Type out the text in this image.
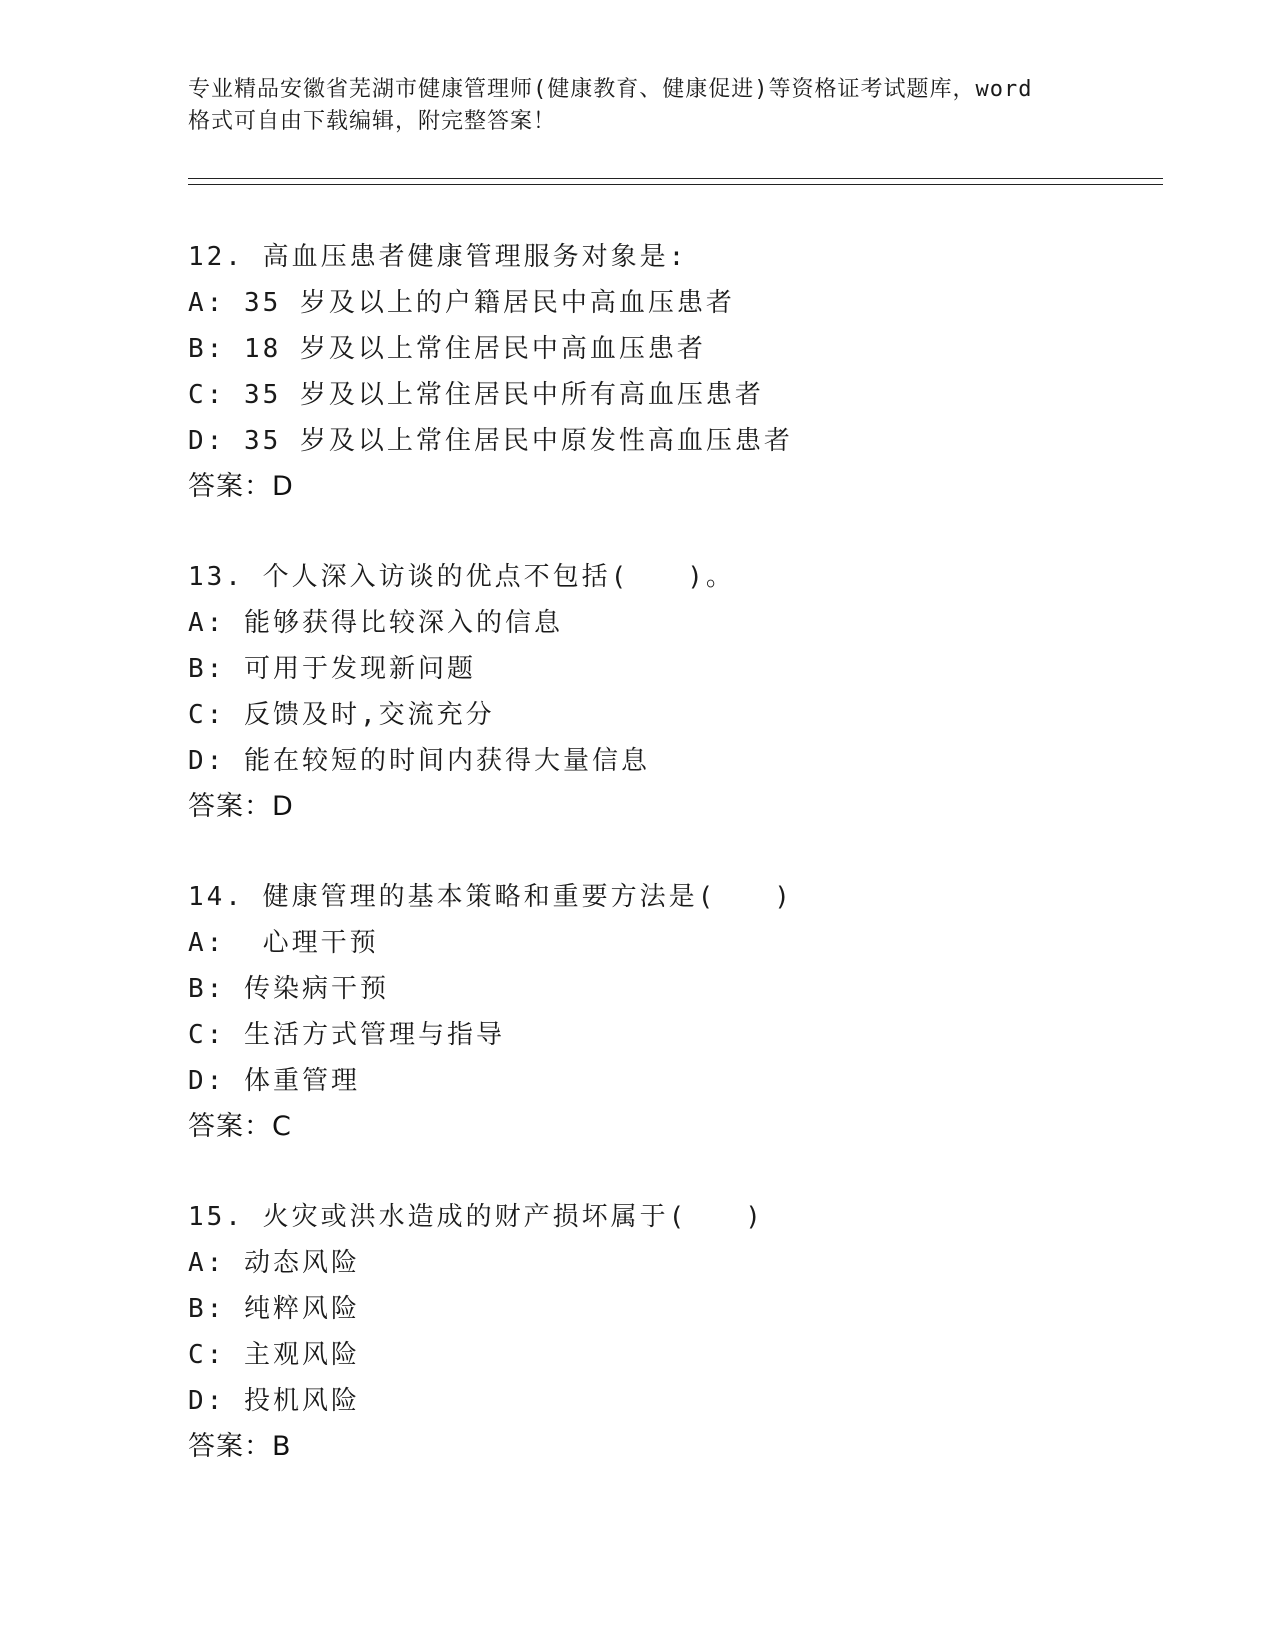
专业精品安徽省芜湖市健康管理师(健康教育、健康促进)等资格证考试题库，word
格式可自由下载编辑，附完整答案！
12. 高血压患者健康管理服务对象是:
A: 35 岁及以上的户籍居民中高血压患者
B: 18 岁及以上常住居民中高血压患者
C: 35 岁及以上常住居民中所有高血压患者
D: 35 岁及以上常住居民中原发性高血压患者
答案：D
13. 个人深入访谈的优点不包括(　　)。
A: 能够获得比较深入的信息
B: 可用于发现新问题
C: 反馈及时,交流充分
D: 能在较短的时间内获得大量信息
答案：D
14. 健康管理的基本策略和重要方法是(　　)
A:  心理干预
B: 传染病干预
C: 生活方式管理与指导
D: 体重管理
答案：C
15. 火灾或洪水造成的财产损坏属于(　　)
A: 动态风险
B: 纯粹风险
C: 主观风险
D: 投机风险
答案：B
